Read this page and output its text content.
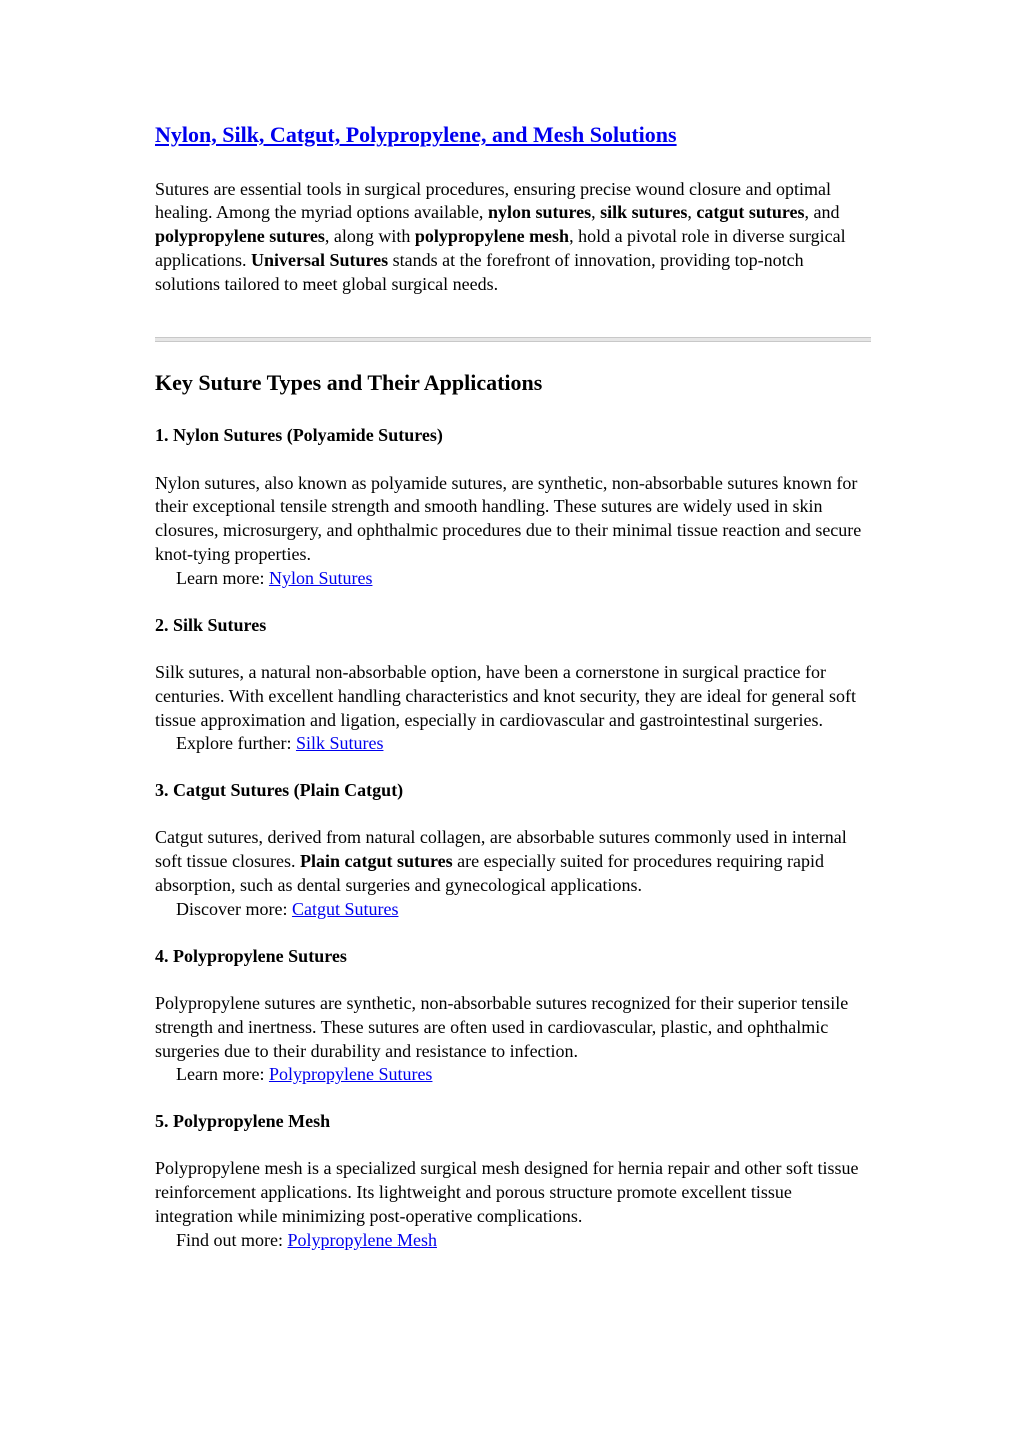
Nylon, Silk, Catgut, Polypropylene, and Mesh Solutions

Sutures are essential tools in surgical procedures, ensuring precise wound closure and optimal healing. Among the myriad options available, nylon sutures, silk sutures, catgut sutures, and polypropylene sutures, along with polypropylene mesh, hold a pivotal role in diverse surgical applications. Universal Sutures stands at the forefront of innovation, providing top-notch solutions tailored to meet global surgical needs.

Key Suture Types and Their Applications
1. Nylon Sutures (Polyamide Sutures)

Nylon sutures, also known as polyamide sutures, are synthetic, non-absorbable sutures known for their exceptional tensile strength and smooth handling. These sutures are widely used in skin closures, microsurgery, and ophthalmic procedures due to their minimal tissue reaction and secure knot-tying properties.

Learn more: Nylon Sutures
2. Silk Sutures

Silk sutures, a natural non-absorbable option, have been a cornerstone in surgical practice for centuries. With excellent handling characteristics and knot security, they are ideal for general soft tissue approximation and ligation, especially in cardiovascular and gastrointestinal surgeries.

Explore further: Silk Sutures
3. Catgut Sutures (Plain Catgut)

Catgut sutures, derived from natural collagen, are absorbable sutures commonly used in internal soft tissue closures. Plain catgut sutures are especially suited for procedures requiring rapid absorption, such as dental surgeries and gynecological applications.

Discover more: Catgut Sutures
4. Polypropylene Sutures

Polypropylene sutures are synthetic, non-absorbable sutures recognized for their superior tensile strength and inertness. These sutures are often used in cardiovascular, plastic, and ophthalmic surgeries due to their durability and resistance to infection.

Learn more: Polypropylene Sutures
5. Polypropylene Mesh

Polypropylene mesh is a specialized surgical mesh designed for hernia repair and other soft tissue reinforcement applications. Its lightweight and porous structure promote excellent tissue integration while minimizing post-operative complications.

Find out more: Polypropylene Mesh
